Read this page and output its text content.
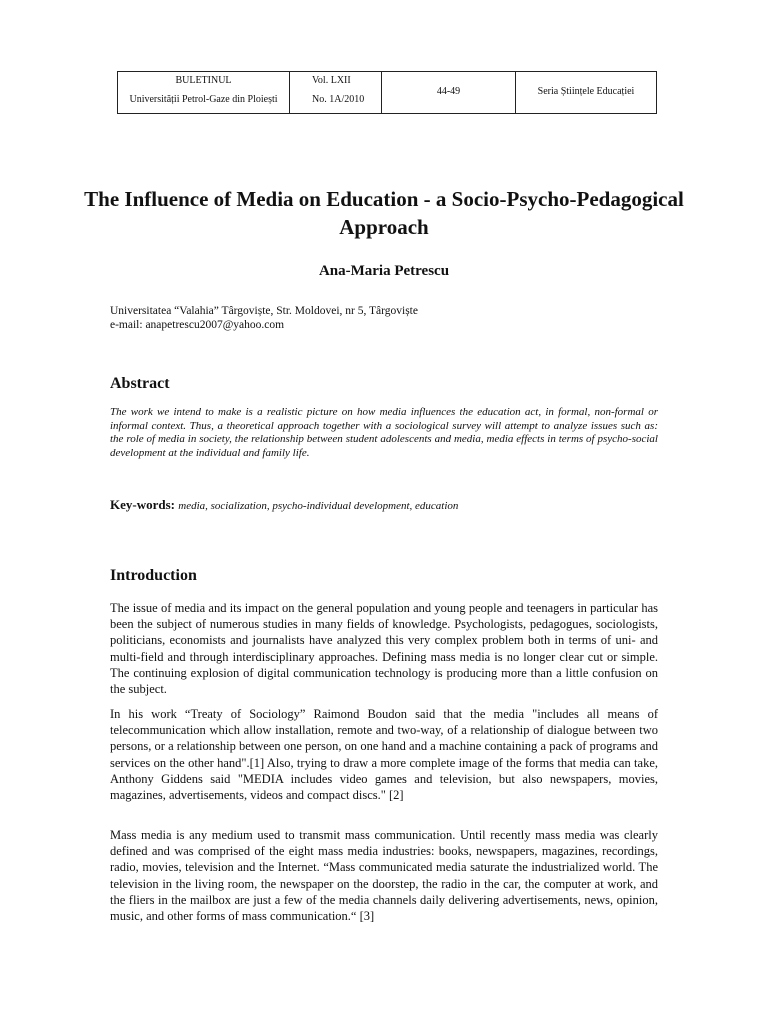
BULETINUL
Universității Petrol-Gaze din Ploiești
Vol. LXII
No. 1A/2010
44-49	Seria Științele Educației
The Influence of Media on Education - a Socio-Psycho-Pedagogical Approach
Ana-Maria Petrescu
Universitatea “Valahia” Târgoviște, Str. Moldovei, nr 5, Târgoviște
e-mail: anapetrescu2007@yahoo.com
Abstract
The work we intend to make is a realistic picture on how media influences the education act, in formal, non-formal or informal context. Thus, a theoretical approach together with a sociological survey will attempt to analyze issues such as: the role of media in society, the relationship between student adolescents and media, media effects in terms of psycho-social development at the individual and family life.
Key-words: media, socialization, psycho-individual development, education
Introduction

The issue of media and its impact on the general population and young people and teenagers in particular has been the subject of numerous studies in many fields of knowledge. Psychologists, pedagogues, sociologists, politicians, economists and journalists have analyzed this very complex problem both in terms of uni- and multi-field and through interdisciplinary approaches. Defining mass media is no longer clear cut or simple. The continuing explosion of digital communication technology is producing more than a little confusion on the subject.

In his work “Treaty of Sociology” Raimond Boudon said that the media "includes all means of telecommunication which allow installation, remote and two-way, of a relationship of dialogue between two persons, or a relationship between one person, on one hand and a machine containing a pack of programs and services on the other hand".[1] Also, trying to draw a more complete image of the forms that media can take, Anthony Giddens said "MEDIA includes video games and television, but also newspapers, movies, magazines, advertisements, videos and compact discs." [2]

Mass media is any medium used to transmit mass communication. Until recently mass media was clearly defined and was comprised of the eight mass media industries: books, newspapers, magazines, recordings, radio, movies, television and the Internet. “Mass communicated media saturate the industrialized world. The television in the living room, the newspaper on the doorstep, the radio in the car, the computer at work, and the fliers in the mailbox are just a few of the media channels daily delivering advertisements, news, opinion, music, and other forms of mass communication.“ [3]
